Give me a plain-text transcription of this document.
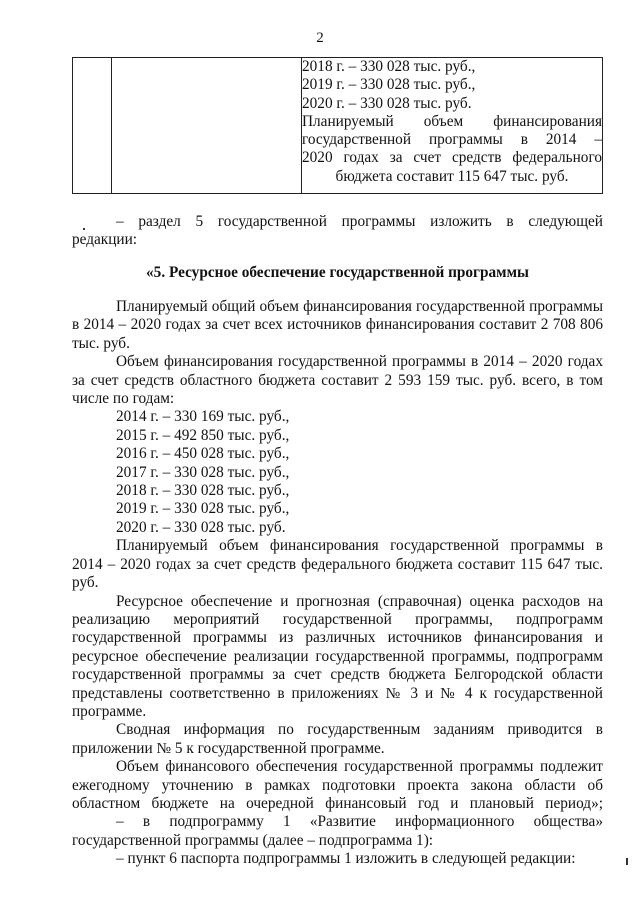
2

2018 г. – 330 028 тыс. руб.,
2019 г. – 330 028 тыс. руб.,
2020 г. – 330 028 тыс. руб.
Планируемый объем финансирования
государственной программы в 2014 –
2020 годах за счет средств федерального
бюджета составит 115 647 тыс. руб.
– раздел 5 государственной программы изложить в следующей
редакции:
«5. Ресурсное обеспечение государственной программы
Планируемый общий объем финансирования государственной программы
в 2014 – 2020 годах за счет всех источников финансирования составит 2 708 806
тыс. руб.
Объем финансирования государственной программы в 2014 – 2020 годах
за счет средств областного бюджета составит 2 593 159 тыс. руб. всего, в том
числе по годам:
2014 г. – 330 169 тыс. руб.,
2015 г. – 492 850 тыс. руб.,
2016 г. – 450 028 тыс. руб.,
2017 г. – 330 028 тыс. руб.,
2018 г. – 330 028 тыс. руб.,
2019 г. – 330 028 тыс. руб.,
2020 г. – 330 028 тыс. руб.
Планируемый объем финансирования государственной программы в
2014 – 2020 годах за счет средств федерального бюджета составит 115 647 тыс.
руб.
Ресурсное обеспечение и прогнозная (справочная) оценка расходов на
реализацию мероприятий государственной программы, подпрограмм
государственной программы из различных источников финансирования и
ресурсное обеспечение реализации государственной программы, подпрограмм
государственной программы за счет средств бюджета Белгородской области
представлены соответственно в приложениях № 3 и № 4 к государственной
программе.
Сводная информация по государственным заданиям приводится в
приложении № 5 к государственной программе.
Объем финансового обеспечения государственной программы подлежит
ежегодному уточнению в рамках подготовки проекта закона области об
областном бюджете на очередной финансовый год и плановый период»;
– в подпрограмму 1 «Развитие информационного общества»
государственной программы (далее – подпрограмма 1):
– пункт 6 паспорта подпрограммы 1 изложить в следующей редакции:
